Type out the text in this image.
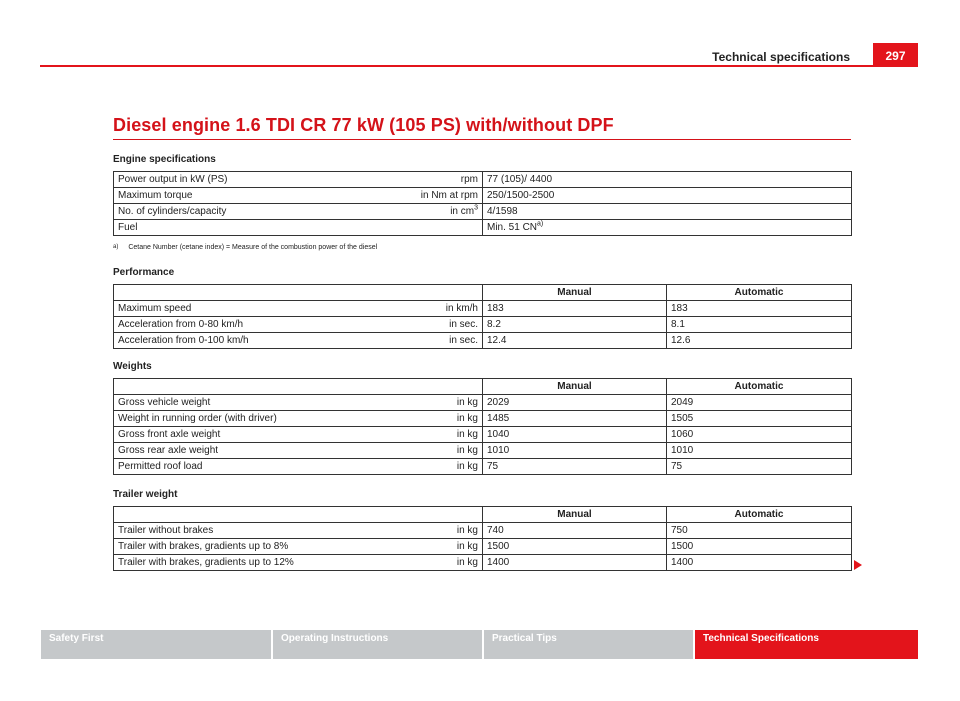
Technical specifications	297
Diesel engine 1.6 TDI CR 77 kW (105 PS) with/without DPF
Engine specifications
Power output in kW (PS)	rpm	77 (105)/ 4400
Maximum torque	in Nm at rpm	250/1500-2500
No. of cylinders/capacity	in $cm^3$	4/1598
Fuel		Min. 51 CN$^{a)}$
a) Cetane Number (cetane index) = Measure of the combustion power of the diesel
Performance
		Manual	Automatic
Maximum speed	in km/h	183	183
Acceleration from 0-80 km/h	in sec.	8.2	8.1
Acceleration from 0-100 km/h	in sec.	12.4	12.6
Weights
		Manual	Automatic
Gross vehicle weight	in kg	2029	2049
Weight in running order (with driver)	in kg	1485	1505
Gross front axle weight	in kg	1040	1060
Gross rear axle weight	in kg	1010	1010
Permitted roof load	in kg	75	75
Trailer weight
		Manual	Automatic
Trailer without brakes	in kg	740	750
Trailer with brakes, gradients up to 8%	in kg	1500	1500
Trailer with brakes, gradients up to 12%	in kg	1400	1400
Safety First	Operating Instructions	Practical Tips	Technical Specifications
